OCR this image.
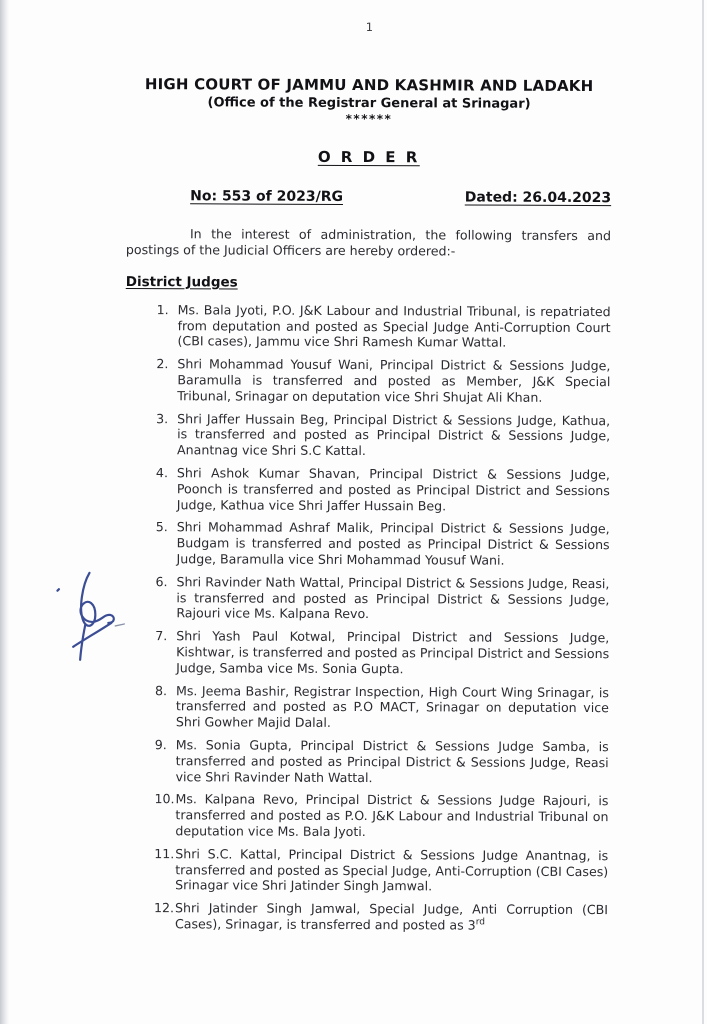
1
HIGH COURT OF JAMMU AND KASHMIR AND LADAKH
(Office of the Registrar General at Srinagar)
******
O R D E R
No: 553 of 2023/RG	Dated: 26.04.2023

In the interest of administration, the following transfers and postings of the Judicial Officers are hereby ordered:-

District Judges
1. Ms. Bala Jyoti, P.O. J&K Labour and Industrial Tribunal, is repatriated from deputation and posted as Special Judge Anti-Corruption Court (CBI cases), Jammu vice Shri Ramesh Kumar Wattal.
2. Shri Mohammad Yousuf Wani, Principal District & Sessions Judge, Baramulla is transferred and posted as Member, J&K Special Tribunal, Srinagar on deputation vice Shri Shujat Ali Khan.
3. Shri Jaffer Hussain Beg, Principal District & Sessions Judge, Kathua, is transferred and posted as Principal District & Sessions Judge, Anantnag vice Shri S.C Kattal.
4. Shri Ashok Kumar Shavan, Principal District & Sessions Judge, Poonch is transferred and posted as Principal District and Sessions Judge, Kathua vice Shri Jaffer Hussain Beg.
5. Shri Mohammad Ashraf Malik, Principal District & Sessions Judge, Budgam is transferred and posted as Principal District & Sessions Judge, Baramulla vice Shri Mohammad Yousuf Wani.
6. Shri Ravinder Nath Wattal, Principal District & Sessions Judge, Reasi, is transferred and posted as Principal District & Sessions Judge, Rajouri vice Ms. Kalpana Revo.
7. Shri Yash Paul Kotwal, Principal District and Sessions Judge, Kishtwar, is transferred and posted as Principal District and Sessions Judge, Samba vice Ms. Sonia Gupta.
8. Ms. Jeema Bashir, Registrar Inspection, High Court Wing Srinagar, is transferred and posted as P.O MACT, Srinagar on deputation vice Shri Gowher Majid Dalal.
9. Ms. Sonia Gupta, Principal District & Sessions Judge Samba, is transferred and posted as Principal District & Sessions Judge, Reasi vice Shri Ravinder Nath Wattal.
10. Ms. Kalpana Revo, Principal District & Sessions Judge Rajouri, is transferred and posted as P.O. J&K Labour and Industrial Tribunal on deputation vice Ms. Bala Jyoti.
11. Shri S.C. Kattal, Principal District & Sessions Judge Anantnag, is transferred and posted as Special Judge, Anti-Corruption (CBI Cases) Srinagar vice Shri Jatinder Singh Jamwal.
12. Shri Jatinder Singh Jamwal, Special Judge, Anti Corruption (CBI Cases), Srinagar, is transferred and posted as 3rd
